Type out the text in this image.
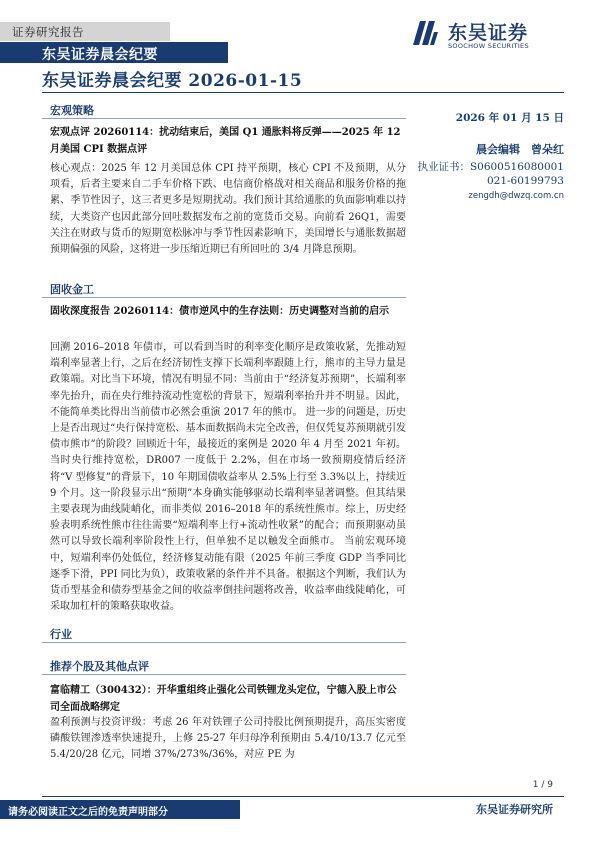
证券研究报告
东吴证券晨会纪要
东吴证券
SOOCHOW SECURITIES
东吴证券晨会纪要 2026-01-15
2026 年 01 月 15 日
晨会编辑　曾朵红
执业证书：S0600516080001
021-60199793
zengdh@dwzq.com.cn
宏观策略
宏观点评 20260114：扰动结束后，美国 Q1 通胀料将反弹——2025 年 12 月美国 CPI 数据点评
核心观点：2025 年 12 月美国总体 CPI 持平预期，核心 CPI 不及预期，从分项看，后者主要来自二手车价格下跌、电信商价格战对相关商品和服务价格的拖累、季节性因子，这三者更多是短期扰动。我们预计其给通胀的负面影响难以持续，大类资产也因此部分回吐数据发布之前的宽货币交易。向前看 26Q1，需要关注在财政与货币的短期宽松脉冲与季节性因素影响下，美国增长与通胀数据超预期偏强的风险，这将进一步压缩近期已有所回吐的 3/4 月降息预期。
固收金工
固收深度报告 20260114：债市逆风中的生存法则：历史调整对当前的启示
回溯 2016–2018 年债市，可以看到当时的利率变化顺序是政策收紧，先推动短端利率显著上行，之后在经济韧性支撑下长端利率跟随上行，熊市的主导力量是政策端。对比当下环境，情况有明显不同：当前由于“经济复苏预期”，长端利率率先抬升，而在央行维持流动性宽松的背景下，短端利率抬升并不明显。因此，不能简单类比得出当前债市必然会重演 2017 年的熊市。 进一步的问题是，历史上是否出现过“央行保持宽松、基本面数据尚未完全改善，但仅凭复苏预期就引发债市熊市”的阶段？回顾近十年，最接近的案例是 2020 年 4 月至 2021 年初。当时央行维持宽松，DR007 一度低于 2.2%，但在市场一致预期疫情后经济将“V 型修复”的背景下，10 年期国债收益率从 2.5%上行至 3.3%以上，持续近 9 个月。这一阶段显示出“预期”本身确实能够驱动长端利率显著调整。但其结果主要表现为曲线陡峭化，而非类似 2016–2018 年的系统性熊市。综上，历史经验表明系统性熊市往往需要“短端利率上行+流动性收紧”的配合；而预期驱动虽然可以导致长端利率阶段性上行，但单独不足以触发全面熊市。 当前宏观环境中，短端利率仍处低位，经济修复动能有限（2025 年前三季度 GDP 当季同比逐季下滑，PPI 同比为负），政策收紧的条件并不具备。根据这个判断，我们认为货币型基金和债券型基金之间的收益率倒挂问题将改善，收益率曲线陡峭化，可采取加杠杆的策略获取收益。
行业
推荐个股及其他点评
富临精工（300432）：开华重组终止强化公司铁锂龙头定位，宁德入股上市公司全面战略绑定
盈利预测与投资评级：考虑 26 年对铁锂子公司持股比例预期提升，高压实密度磷酸铁锂渗透率快速提升，上修 25-27 年归母净利预期由 5.4/10/13.7 亿元至 5.4/20/28 亿元，同增 37%/273%/36%，对应 PE 为
1 / 9
请务必阅读正文之后的免责声明部分	东吴证券研究所
